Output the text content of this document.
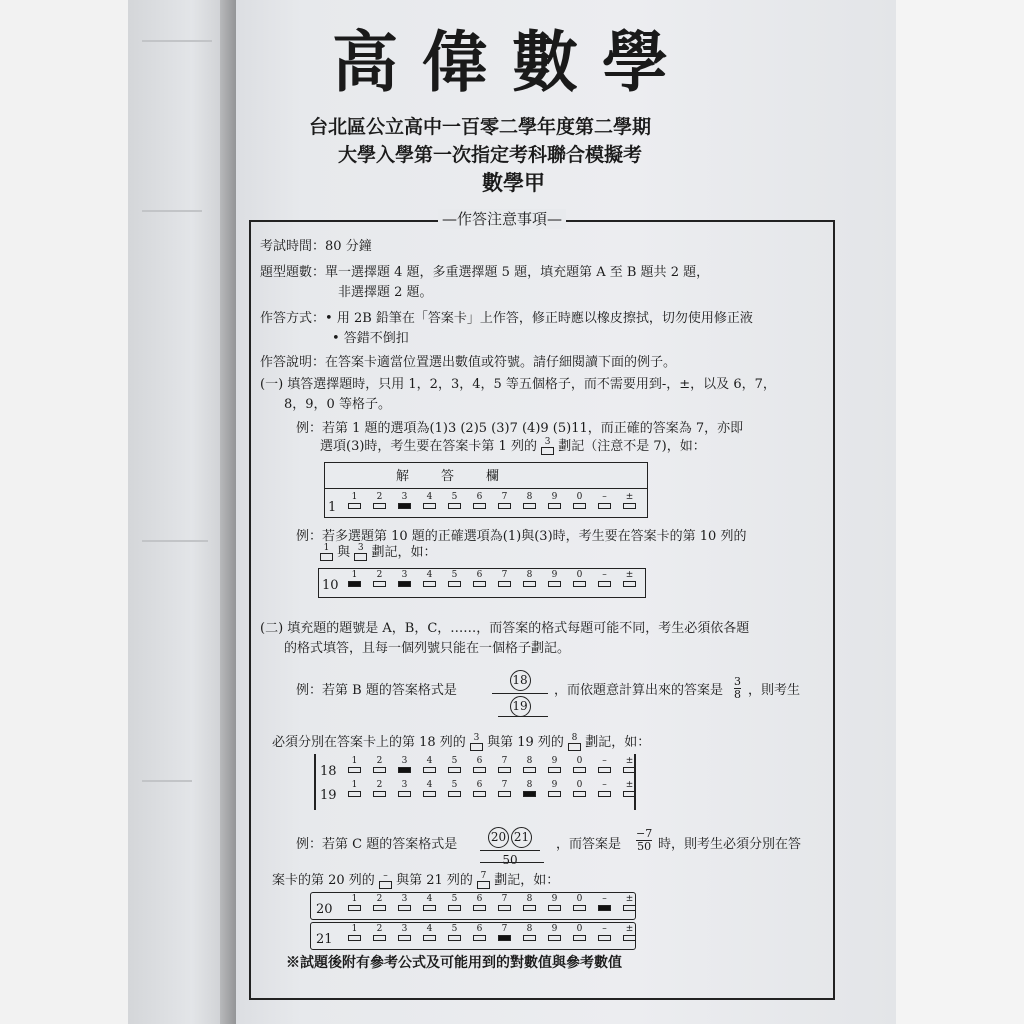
高偉數學
台北區公立高中一百零二學年度第二學期
大學入學第一次指定考科聯合模擬考
數學甲
—作答注意事項—
考試時間：80 分鐘
題型題數：單一選擇題 4 題，多重選擇題 5 題，填充題第 A 至 B 題共 2 題，
非選擇題 2 題。
作答方式：• 用 2B 鉛筆在「答案卡」上作答，修正時應以橡皮擦拭，切勿使用修正液
• 答錯不倒扣
作答說明：在答案卡適當位置選出數值或符號。請仔細閱讀下面的例子。
(一) 填答選擇題時，只用 1，2，3，4，5 等五個格子，而不需要用到-，±，以及 6，7，
8，9，0 等格子。
例：若第 1 題的選項為(1)3 (2)5 (3)7 (4)9 (5)11，而正確的答案為 7，亦即
選項(3)時，考生要在答案卡第 1 列的 3 劃記（注意不是 7)，如：
解　　答　　欄
1
1 2 3 4 5 6 7 8 9 0 – ±
例：若多選題第 10 題的正確選項為(1)與(3)時，考生要在答案卡的第 10 列的
1 與 3 劃記，如：
10
1 2 3 4 5 6 7 8 9 0 – ±
(二) 填充題的題號是 A，B，C，……，而答案的格式每題可能不同，考生必須依各題
的格式填答，且每一個列號只能在一個格子劃記。
例：若第 B 題的答案格式是
18
19
，而依題意計算出來的答案是
3
8 ，則考生
必須分別在答案卡上的第 18 列的 3 與第 19 列的 8 劃記，如：
18
1 2 3 4 5 6 7 8 9 0 – ±
19
1 2 3 4 5 6 7 8 9 0 – ±
例：若第 C 題的答案格式是	20 21
50
，而答案是
−7
50 時，則考生必須分別在答
案卡的第 20 列的 – 與第 21 列的 7 劃記，如：
20
1 2 3 4 5 6 7 8 9 0 – ±
21
1 2 3 4 5 6 7 8 9 0 – ±
※試題後附有參考公式及可能用到的對數值與參考數值
